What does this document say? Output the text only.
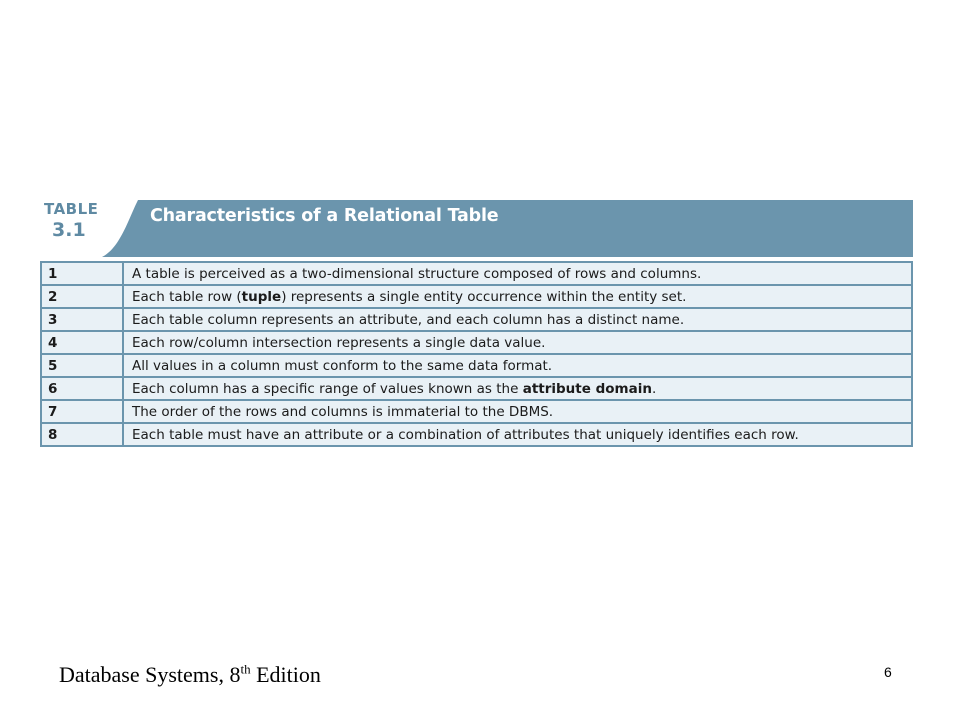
TABLE
3.1
Characteristics of a Relational Table
1	A table is perceived as a two-dimensional structure composed of rows and columns.
2	Each table row (tuple) represents a single entity occurrence within the entity set.
3	Each table column represents an attribute, and each column has a distinct name.
4	Each row/column intersection represents a single data value.
5	All values in a column must conform to the same data format.
6	Each column has a specific range of values known as the attribute domain.
7	The order of the rows and columns is immaterial to the DBMS.
8	Each table must have an attribute or a combination of attributes that uniquely identifies each row.
Database Systems, 8th Edition	6
